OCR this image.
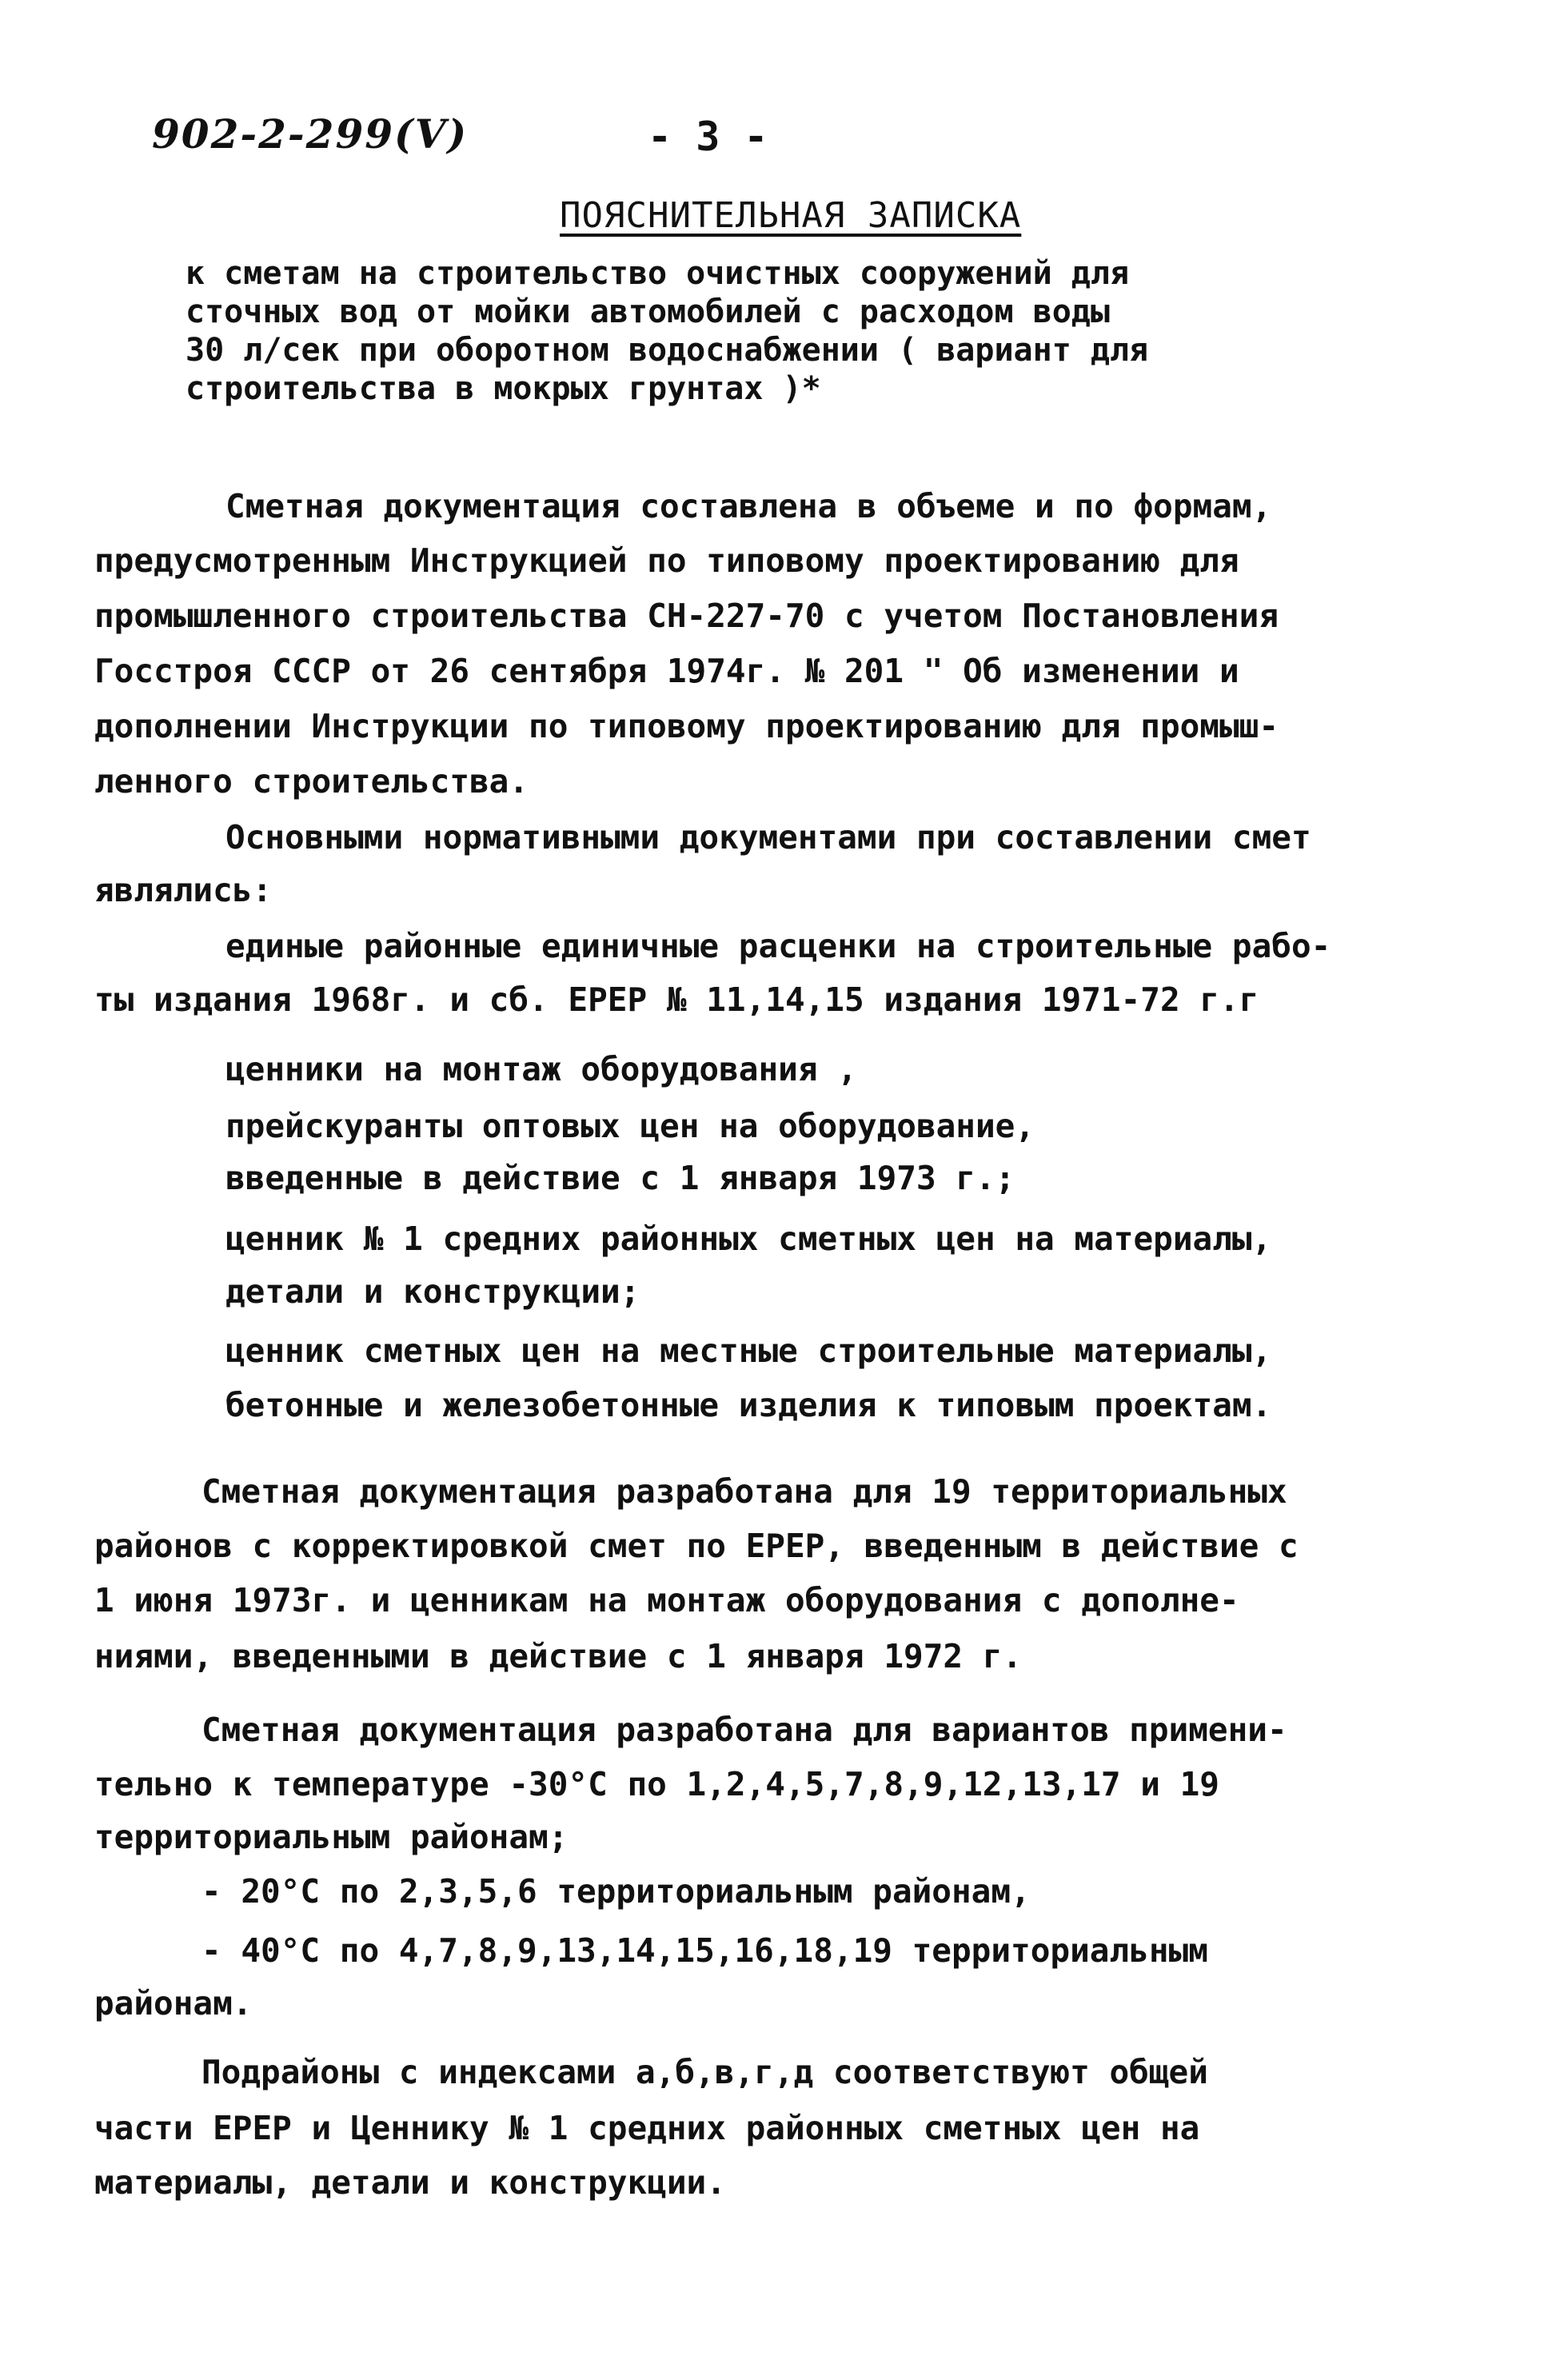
902-2-299(V)	- 3 -
ПОЯСНИТЕЛЬНАЯ ЗАПИСКА
к сметам на строительство очистных сооружений для
сточных вод от мойки автомобилей с расходом воды
30 л/сек при оборотном водоснабжении ( вариант для
строительства в мокрых грунтах )*
Сметная документация составлена в объеме и по формам,
предусмотренным Инструкцией по типовому проектированию для
промышленного строительства СН-227-70 с учетом Постановления
Госстроя СССР от 26 сентября 1974г. № 201 " Об изменении и
дополнении Инструкции по типовому проектированию для промыш-
ленного строительства.
Основными нормативными документами при составлении смет
являлись:
единые районные единичные расценки на строительные рабо-
ты издания 1968г. и сб. ЕРЕР № 11,14,15 издания 1971-72 г.г
ценники на монтаж оборудования ,
прейскуранты оптовых цен на оборудование,
введенные в действие с 1 января 1973 г.;
ценник № 1 средних районных сметных цен на материалы,
детали и конструкции;
ценник сметных цен на местные строительные материалы,
бетонные и железобетонные изделия к типовым проектам.
Сметная документация разработана для 19 территориальных
районов с корректировкой смет по ЕРЕР, введенным в действие с
1 июня 1973г. и ценникам на монтаж оборудования с дополне-
ниями, введенными в действие с 1 января 1972 г.
Сметная документация разработана для вариантов примени-
тельно к температуре -30°С по 1,2,4,5,7,8,9,12,13,17 и 19
территориальным районам;
- 20°С по 2,3,5,6 территориальным районам,
- 40°С по 4,7,8,9,13,14,15,16,18,19 территориальным
районам.
Подрайоны с индексами а,б,в,г,д соответствуют общей
части ЕРЕР и Ценнику № 1 средних районных сметных цен на
материалы, детали и конструкции.
